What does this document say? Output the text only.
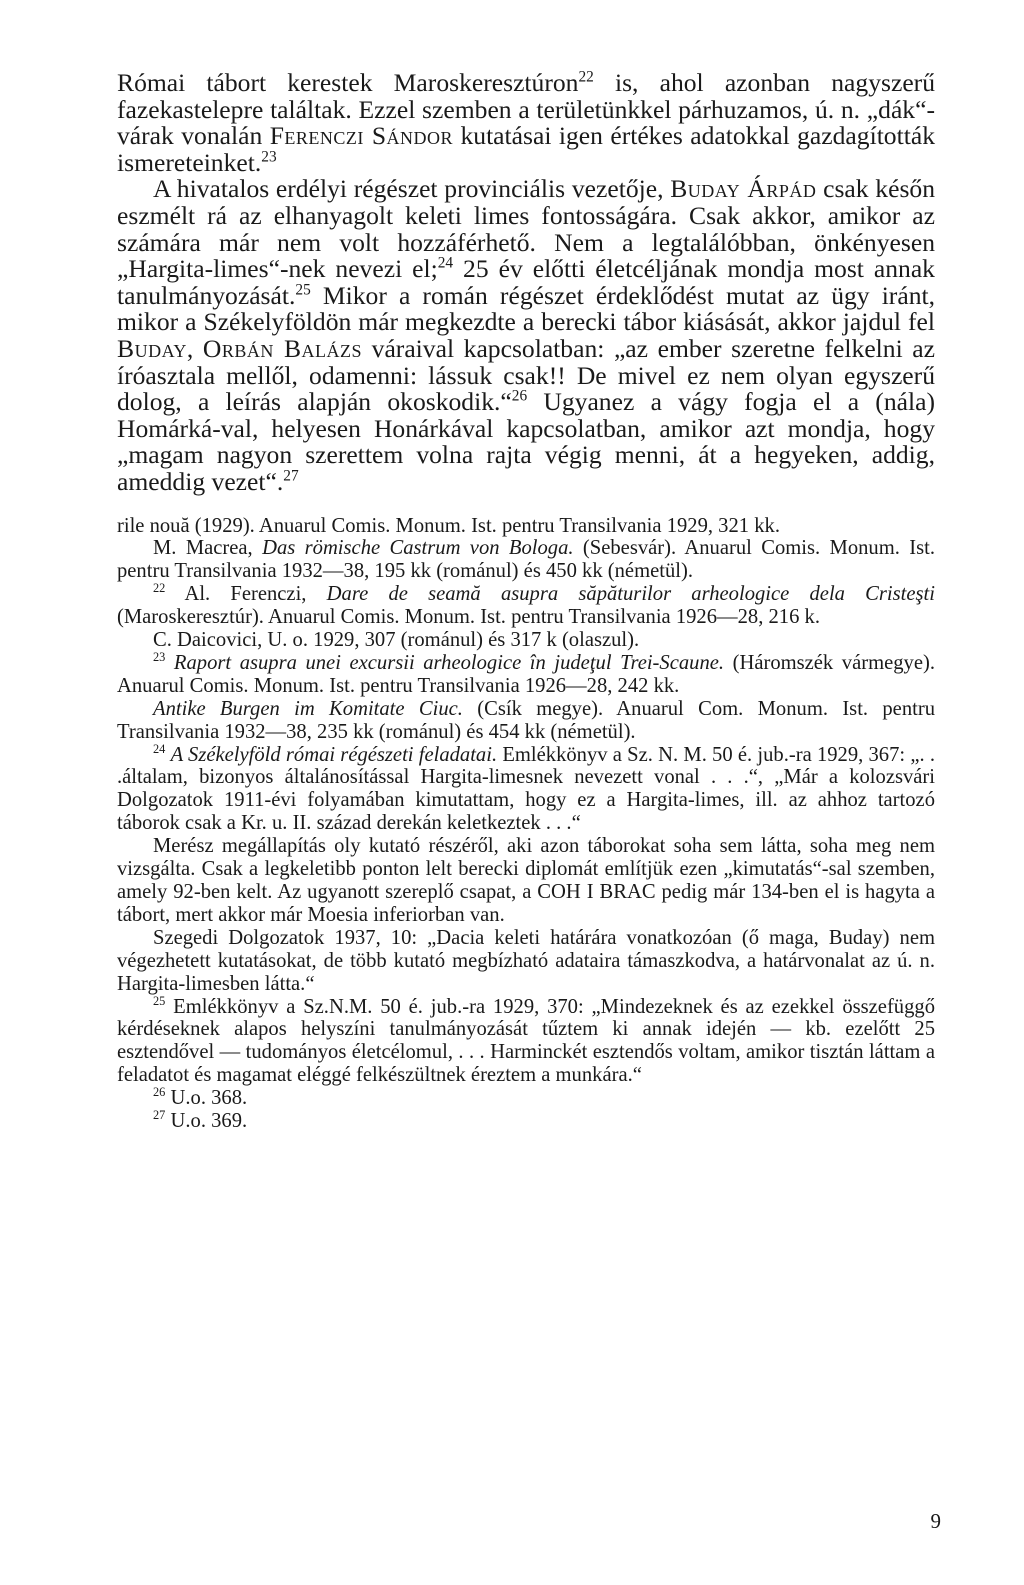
Római tábort kerestek Maroskeresztúron$^{22}$ is, ahol azonban nagyszerű fazekastelepre találtak. Ezzel szemben a területünkkel párhuzamos, ú. n. „dák“-várak vonalán Ferenczi Sándor kutatásai igen értékes adatokkal gazdagították ismereteinket.$^{23}$

A hivatalos erdélyi régészet provinciális vezetője, Buday Árpád csak későn eszmélt rá az elhanyagolt keleti limes fontosságára. Csak akkor, amikor az számára már nem volt hozzáférhető. Nem a legtalálóbban, önkényesen „Hargita-limes“-nek nevezi el;$^{24}$ 25 év előtti életcéljának mondja most annak tanulmányozását.$^{25}$ Mikor a román régészet érdeklődést mutat az ügy iránt, mikor a Székelyföldön már megkezdte a berecki tábor kiásását, akkor jajdul fel Buday, Orbán Balázs váraival kapcsolatban: „az ember szeretne felkelni az íróasztala mellől, odamenni: lássuk csak!! De mivel ez nem olyan egyszerű dolog, a leírás alapján okoskodik.“$^{26}$ Ugyanez a vágy fogja el a (nála) Homárká-val, helyesen Honárkával kapcsolatban, amikor azt mondja, hogy „magam nagyon szerettem volna rajta végig menni, át a hegyeken, addig, ameddig vezet“.$^{27}$

rile nouă (1929). Anuarul Comis. Monum. Ist. pentru Transilvania 1929, 321 kk.

M. Macrea, Das römische Castrum von Bologa. (Sebesvár). Anuarul Comis. Monum. Ist. pentru Transilvania 1932—38, 195 kk (románul) és 450 kk (németül).

$^{22}$ Al. Ferenczi, Dare de seamă asupra săpăturilor arheologice dela Cristeşti (Maroskeresztúr). Anuarul Comis. Monum. Ist. pentru Transilvania 1926—28, 216 k.

C. Daicovici, U. o. 1929, 307 (románul) és 317 k (olaszul).

$^{23}$ Raport asupra unei excursii arheologice în judeţul Trei-Scaune. (Háromszék vármegye). Anuarul Comis. Monum. Ist. pentru Transilvania 1926—28, 242 kk.

Antike Burgen im Komitate Ciuc. (Csík megye). Anuarul Com. Monum. Ist. pentru Transilvania 1932—38, 235 kk (románul) és 454 kk (németül).

$^{24}$ A Székelyföld római régészeti feladatai. Emlékkönyv a Sz. N. M. 50 é. jub.-ra 1929, 367: „. . .általam, bizonyos általánosítással Hargita-limesnek nevezett vonal . . .“, „Már a kolozsvári Dolgozatok 1911-évi folyamában kimutattam, hogy ez a Hargita-limes, ill. az ahhoz tartozó táborok csak a Kr. u. II. század derekán keletkeztek . . .“

Merész megállapítás oly kutató részéről, aki azon táborokat soha sem látta, soha meg nem vizsgálta. Csak a legkeletibb ponton lelt berecki diplomát említjük ezen „kimutatás“-sal szemben, amely 92-ben kelt. Az ugyanott szereplő csapat, a COH I BRAC pedig már 134-ben el is hagyta a tábort, mert akkor már Moesia inferiorban van.

Szegedi Dolgozatok 1937, 10: „Dacia keleti határára vonatkozóan (ő maga, Buday) nem végezhetett kutatásokat, de több kutató megbízható adataira támaszkodva, a határvonalat az ú. n. Hargita-limesben látta.“

$^{25}$ Emlékkönyv a Sz.N.M. 50 é. jub.-ra 1929, 370: „Mindezeknek és az ezekkel összefüggő kérdéseknek alapos helyszíni tanulmányozását tűztem ki annak idején — kb. ezelőtt 25 esztendővel — tudományos életcélomul, . . . Harminckét esztendős voltam, amikor tisztán láttam a feladatot és magamat eléggé felkészültnek éreztem a munkára.“

$^{26}$ U.o. 368.

$^{27}$ U.o. 369.

9
